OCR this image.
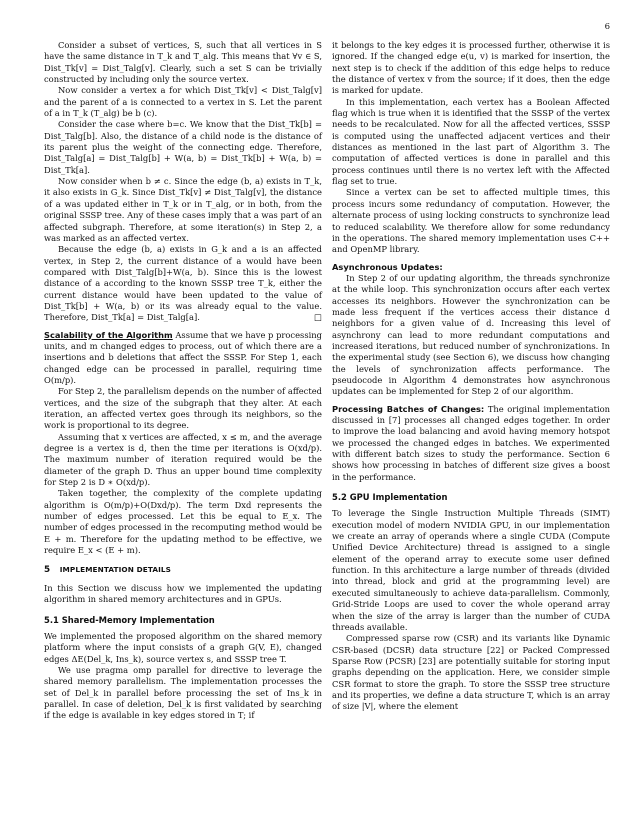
6

Consider a subset of vertices, S, such that all vertices in S have the same distance in T_k and T_alg. This means that ∀v ∈ S, Dist_Tk[v] = Dist_Talg[v]. Clearly, such a set S can be trivially constructed by including only the source vertex.

Now consider a vertex a for which Dist_Tk[v] < Dist_Talg[v] and the parent of a is connected to a vertex in S. Let the parent of a in T_k (T_alg) be b (c).

Consider the case where b=c. We know that the Dist_Tk[b] = Dist_Talg[b]. Also, the distance of a child node is the distance of its parent plus the weight of the connecting edge. Therefore, Dist_Talg[a] = Dist_Talg[b] + W(a, b) = Dist_Tk[b] + W(a, b) = Dist_Tk[a].

Now consider when b ≠ c. Since the edge (b, a) exists in T_k, it also exists in G_k. Since Dist_Tk[v] ≠ Dist_Talg[v], the distance of a was updated either in T_k or in T_alg, or in both, from the original SSSP tree. Any of these cases imply that a was part of an affected subgraph. Therefore, at some iteration(s) in Step 2, a was marked as an affected vertex.

Because the edge (b, a) exists in G_k and a is an affected vertex, in Step 2, the current distance of a would have been compared with Dist_Talg[b]+W(a, b). Since this is the lowest distance of a according to the known SSSP tree T_k, either the current distance would have been updated to the value of Dist_Tk[b] + W(a, b) or its was already equal to the value. Therefore, Dist_Tk[a] = Dist_Talg[a].	□

Scalability of the Algorithm Assume that we have p processing units, and m changed edges to process, out of which there are a insertions and b deletions that affect the SSSP. For Step 1, each changed edge can be processed in parallel, requiring time O(m/p).

For Step 2, the parallelism depends on the number of affected vertices, and the size of the subgraph that they alter. At each iteration, an affected vertex goes through its neighbors, so the work is proportional to its degree.

Assuming that x vertices are affected, x ≤ m, and the average degree is a vertex is d, then the time per iterations is O(xd/p). The maximum number of iteration required would be the diameter of the graph D. Thus an upper bound time complexity for Step 2 is D ∗ O(xd/p).

Taken together, the complexity of the complete updating algorithm is O(m/p)+O(Dxd/p). The term Dxd represents the number of edges processed. Let this be equal to E_x. The number of edges processed in the recomputing method would be E + m. Therefore for the updating method to be effective, we require E_x < (E + m).

5 IMPLEMENTATION DETAILS

In this Section we discuss how we implemented the updating algorithm in shared memory architectures and in GPUs.

5.1 Shared-Memory Implementation

We implemented the proposed algorithm on the shared memory platform where the input consists of a graph G(V, E), changed edges ΔE(Del_k, Ins_k), source vertex s, and SSSP tree T.

We use pragma omp parallel for directive to leverage the shared memory parallelism. The implementation processes the set of Del_k in parallel before processing the set of Ins_k in parallel. In case of deletion, Del_k is first validated by searching if the edge is available in key edges stored in T; if

it belongs to the key edges it is processed further, otherwise it is ignored. If the changed edge e(u, v) is marked for insertion, the next step is to check if the addition of this edge helps to reduce the distance of vertex v from the source; if it does, then the edge is marked for update.

In this implementation, each vertex has a Boolean Affected flag which is true when it is identified that the SSSP of the vertex needs to be recalculated. Now for all the affected vertices, SSSP is computed using the unaffected adjacent vertices and their distances as mentioned in the last part of Algorithm 3. The computation of affected vertices is done in parallel and this process continues until there is no vertex left with the Affected flag set to true.

Since a vertex can be set to affected multiple times, this process incurs some redundancy of computation. However, the alternate process of using locking constructs to synchronize lead to reduced scalability. We therefore allow for some redundancy in the operations. The shared memory implementation uses C++ and OpenMP library.

Asynchronous Updates:

In Step 2 of our updating algorithm, the threads synchronize at the while loop. This synchronization occurs after each vertex accesses its neighbors. However the synchronization can be made less frequent if the vertices access their distance d neighbors for a given value of d. Increasing this level of asynchrony can lead to more redundant computations and increased iterations, but reduced number of synchronizations. In the experimental study (see Section 6), we discuss how changing the levels of synchronization affects performance. The pseudocode in Algorithm 4 demonstrates how asynchronous updates can be implemented for Step 2 of our algorithm.

Processing Batches of Changes: The original implementation discussed in [7] processes all changed edges together. In order to improve the load balancing and avoid having memory hotspot we processed the changed edges in batches. We experimented with different batch sizes to study the performance. Section 6 shows how processing in batches of different size gives a boost in the performance.

5.2 GPU Implementation

To leverage the Single Instruction Multiple Threads (SIMT) execution model of modern NVIDIA GPU, in our implementation we create an array of operands where a single CUDA (Compute Unified Device Architecture) thread is assigned to a single element of the operand array to execute some user defined function. In this architecture a large number of threads (divided into thread, block and grid at the programming level) are executed simultaneously to achieve data-parallelism. Commonly, Grid-Stride Loops are used to cover the whole operand array when the size of the array is larger than the number of CUDA threads available.

Compressed sparse row (CSR) and its variants like Dynamic CSR-based (DCSR) data structure [22] or Packed Compressed Sparse Row (PCSR) [23] are potentially suitable for storing input graphs depending on the application. Here, we consider simple CSR format to store the graph. To store the SSSP tree structure and its properties, we define a data structure T, which is an array of size |V|, where the element
